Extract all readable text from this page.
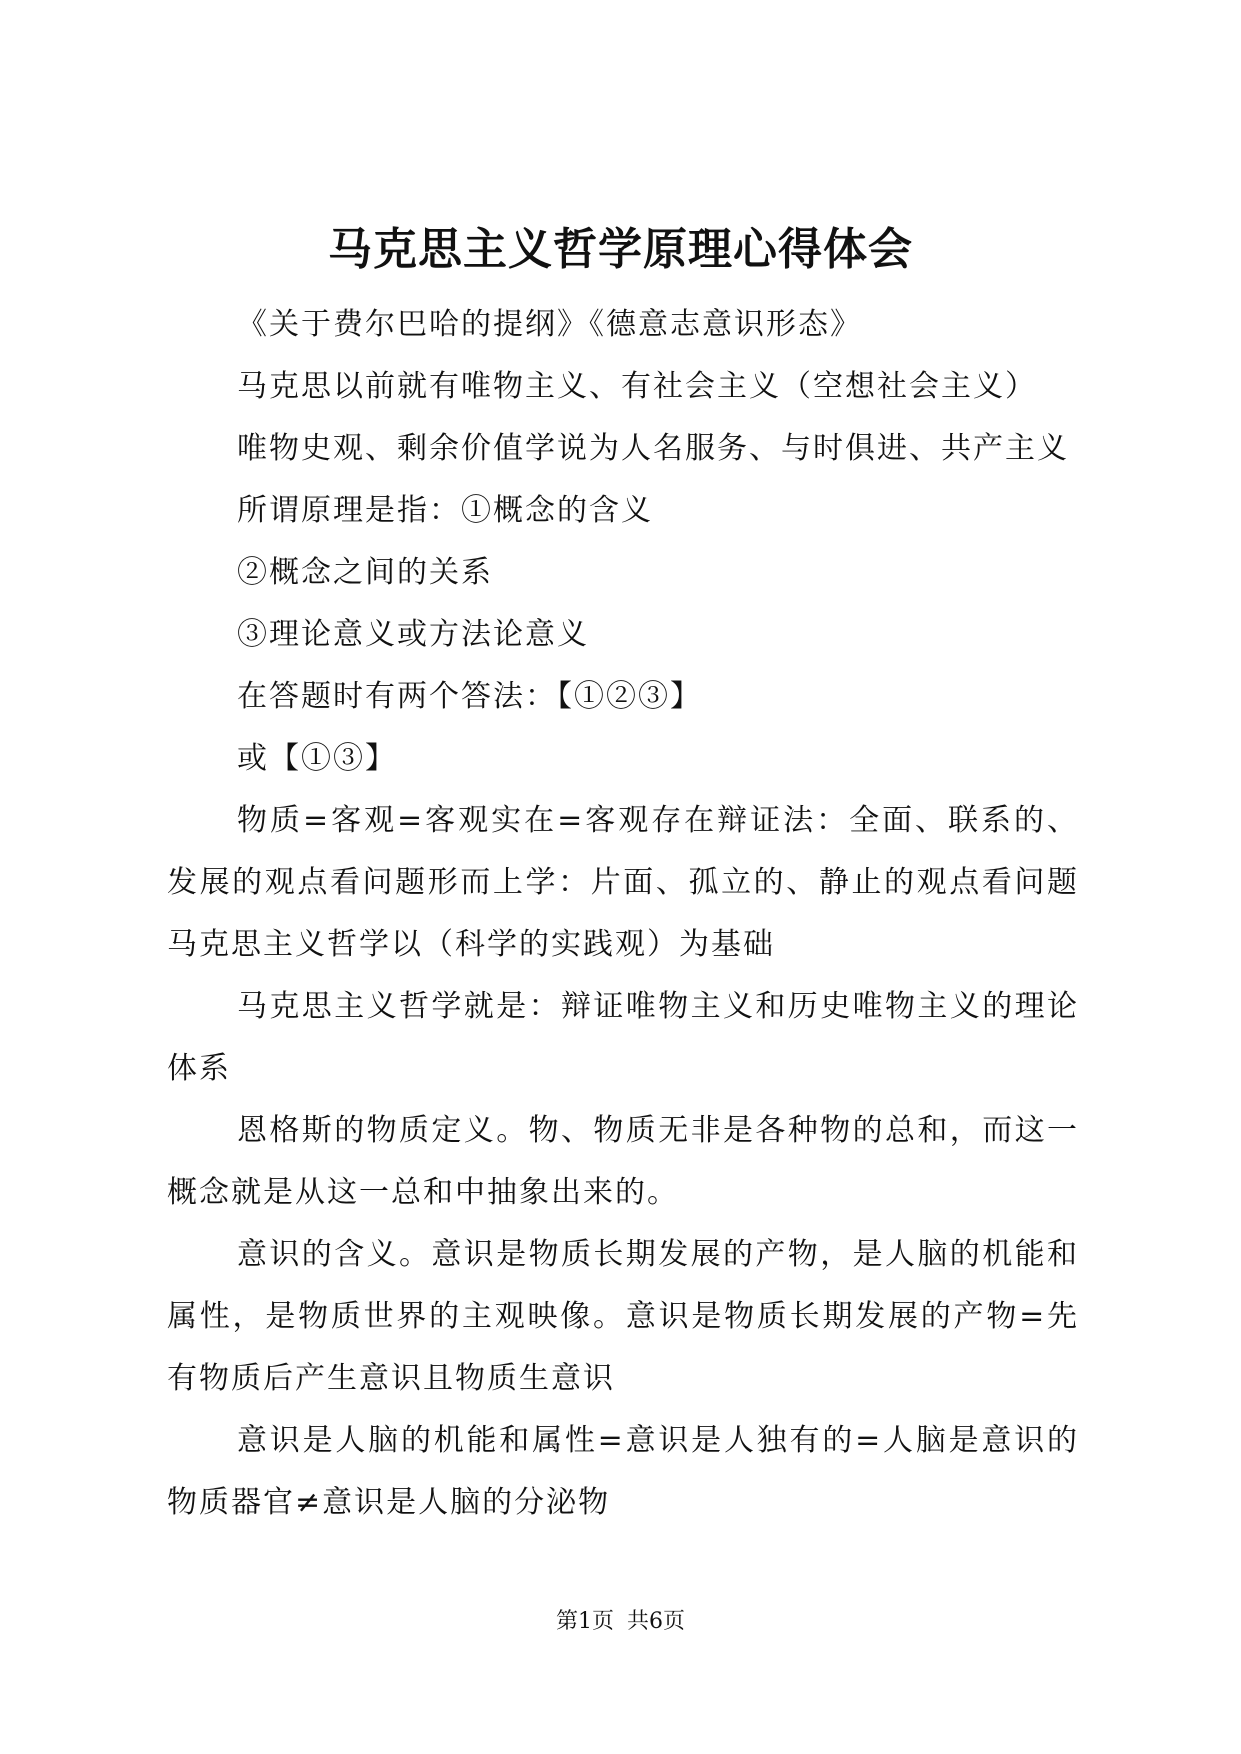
马克思主义哲学原理心得体会

《关于费尔巴哈的提纲》《德意志意识形态》

马克思以前就有唯物主义、有社会主义（空想社会主义）

唯物史观、剩余价值学说为人名服务、与时俱进、共产主义

所谓原理是指：①概念的含义

②概念之间的关系

③理论意义或方法论意义

在答题时有两个答法：【①②③】

或【①③】

物质=客观=客观实在=客观存在辩证法：全面、联系的、发展的观点看问题形而上学：片面、孤立的、静止的观点看问题马克思主义哲学以（科学的实践观）为基础

马克思主义哲学就是：辩证唯物主义和历史唯物主义的理论体系

恩格斯的物质定义。物、物质无非是各种物的总和，而这一概念就是从这一总和中抽象出来的。

意识的含义。意识是物质长期发展的产物，是人脑的机能和属性，是物质世界的主观映像。意识是物质长期发展的产物=先有物质后产生意识且物质生意识

意识是人脑的机能和属性=意识是人独有的=人脑是意识的物质器官≠意识是人脑的分泌物

第1页 共6页
